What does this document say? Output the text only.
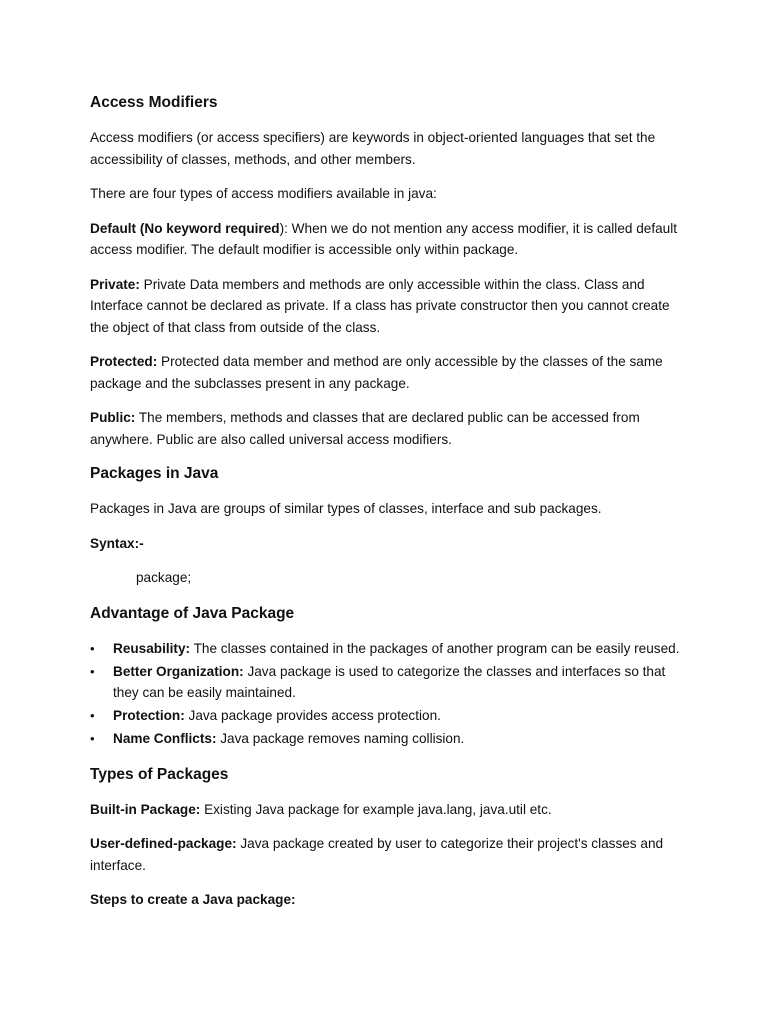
Access Modifiers

Access modifiers (or access specifiers) are keywords in object-oriented languages that set the accessibility of classes, methods, and other members.

There are four types of access modifiers available in java:

Default (No keyword required): When we do not mention any access modifier, it is called default access modifier. The default modifier is accessible only within package.

Private: Private Data members and methods are only accessible within the class. Class and Interface cannot be declared as private. If a class has private constructor then you cannot create the object of that class from outside of the class.

Protected: Protected data member and method are only accessible by the classes of the same package and the subclasses present in any package.

Public: The members, methods and classes that are declared public can be accessed from anywhere. Public are also called universal access modifiers.

Packages in Java

Packages in Java are groups of similar types of classes, interface and sub packages.

Syntax:-

package;

Advantage of Java Package
• Reusability: The classes contained in the packages of another program can be easily reused.
• Better Organization: Java package is used to categorize the classes and interfaces so that they can be easily maintained.
• Protection: Java package provides access protection.
• Name Conflicts: Java package removes naming collision.
Types of Packages

Built-in Package: Existing Java package for example java.lang, java.util etc.

User-defined-package: Java package created by user to categorize their project's classes and interface.

Steps to create a Java package:
